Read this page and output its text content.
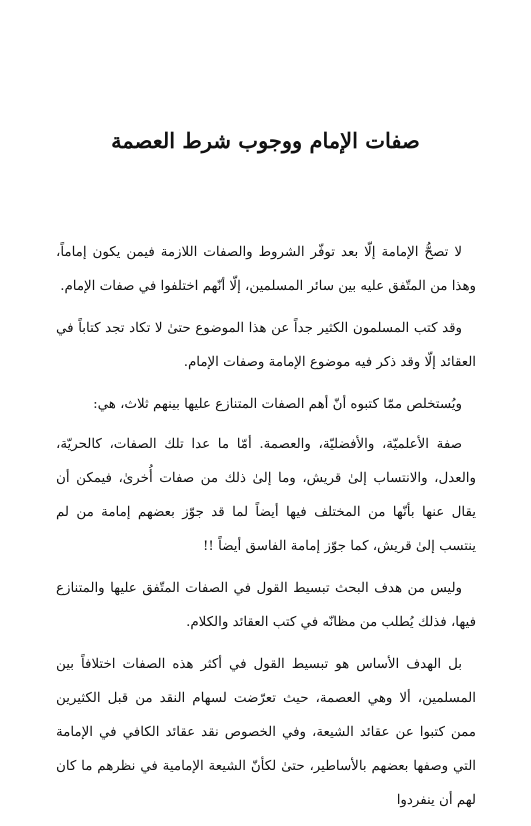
صفات الإمام ووجوب شرط العصمة

لا تصحُّ الإمامة إلّا بعد توفّر الشروط والصفات اللازمة فيمن يكون إماماً، وهذا من المتّفق عليه بين سائر المسلمين، إلّا أنّهم اختلفوا في صفات الإمام.

وقد كتب المسلمون الكثير جداً عن هذا الموضوع حتىٰ لا تكاد تجد كتاباً في العقائد إلّا وقد ذكر فيه موضوع الإمامة وصفات الإمام.

ويُستخلص ممّا كتبوه أنّ أهم الصفات المتنازع عليها بينهم ثلاث، هي:

صفة الأعلميّة، والأفضليّة، والعصمة. أمّا ما عدا تلك الصفات، كالحريّة، والعدل، والانتساب إلىٰ قريش، وما إلىٰ ذلك من صفات أُخرىٰ، فيمكن أن يقال عنها بأنّها من المختلف فيها أيضاً لما قد جوّز بعضهم إمامة من لم ينتسب إلىٰ قريش، كما جوّز إمامة الفاسق أيضاً !!

وليس من هدف البحث تبسيط القول في الصفات المتّفق عليها والمتنازع فيها، فذلك يُطلب من مظانّه في كتب العقائد والكلام.

بل الهدف الأساس هو تبسيط القول في أكثر هذه الصفات اختلافاً بين المسلمين، ألا وهي العصمة، حيث تعرّضت لسهام النقد من قبل الكثيرين ممن كتبوا عن عقائد الشيعة، وفي الخصوص نقد عقائد الكافي في الإمامة التي وصفها بعضهم بالأساطير، حتىٰ لكأنّ الشيعة الإمامية في نظرهم ما كان لهم أن ينفردوا
